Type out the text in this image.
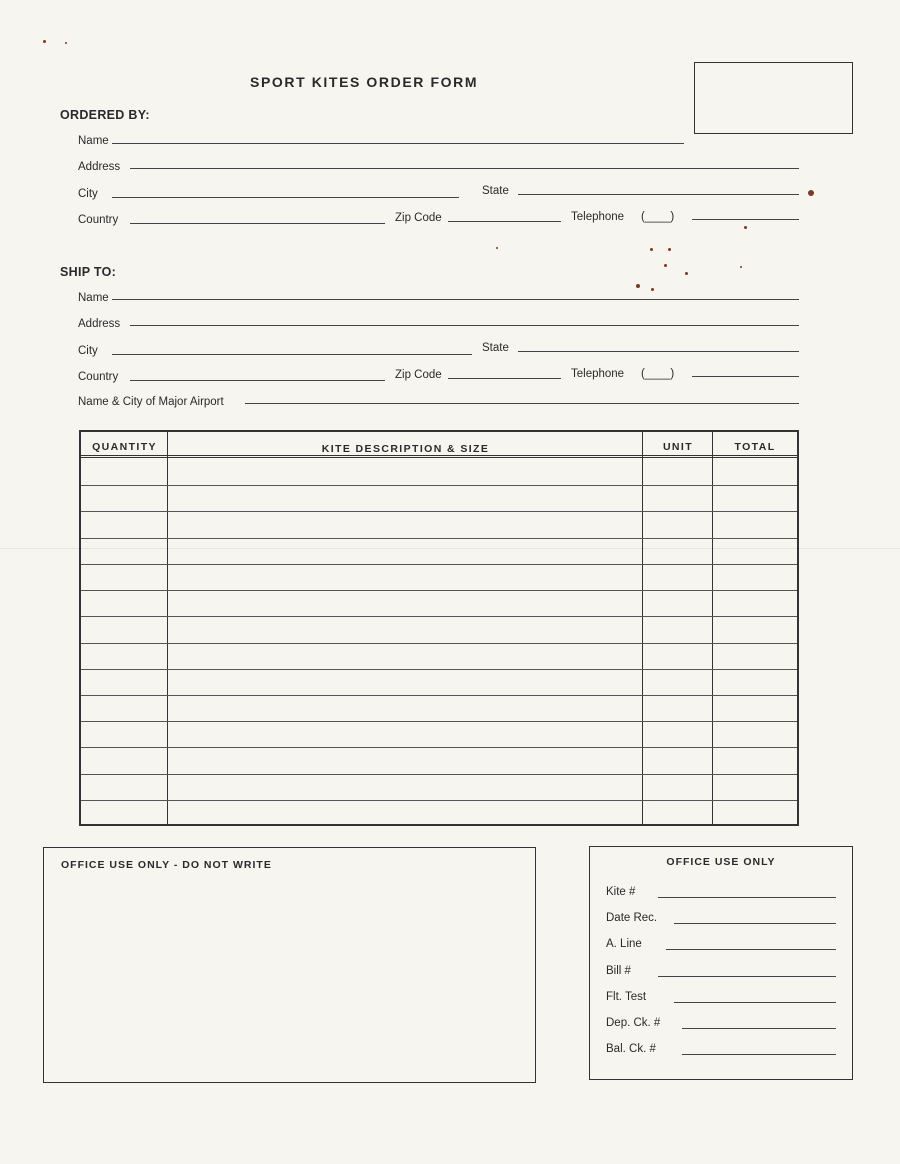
SPORT KITES ORDER FORM
ORDERED BY:
Name
Address
City	State
Country	Zip Code	Telephone (____)
SHIP TO:
Name
Address
City	State
Country	Zip Code	Telephone (____)
Name & City of Major Airport
QUANTITY	KITE DESCRIPTION & SIZE	UNIT	TOTAL
OFFICE USE ONLY - DO NOT WRITE	OFFICE USE ONLY
Kite #
Date Rec.
A. Line
Bill #
Flt. Test
Dep. Ck. #
Bal. Ck. #
